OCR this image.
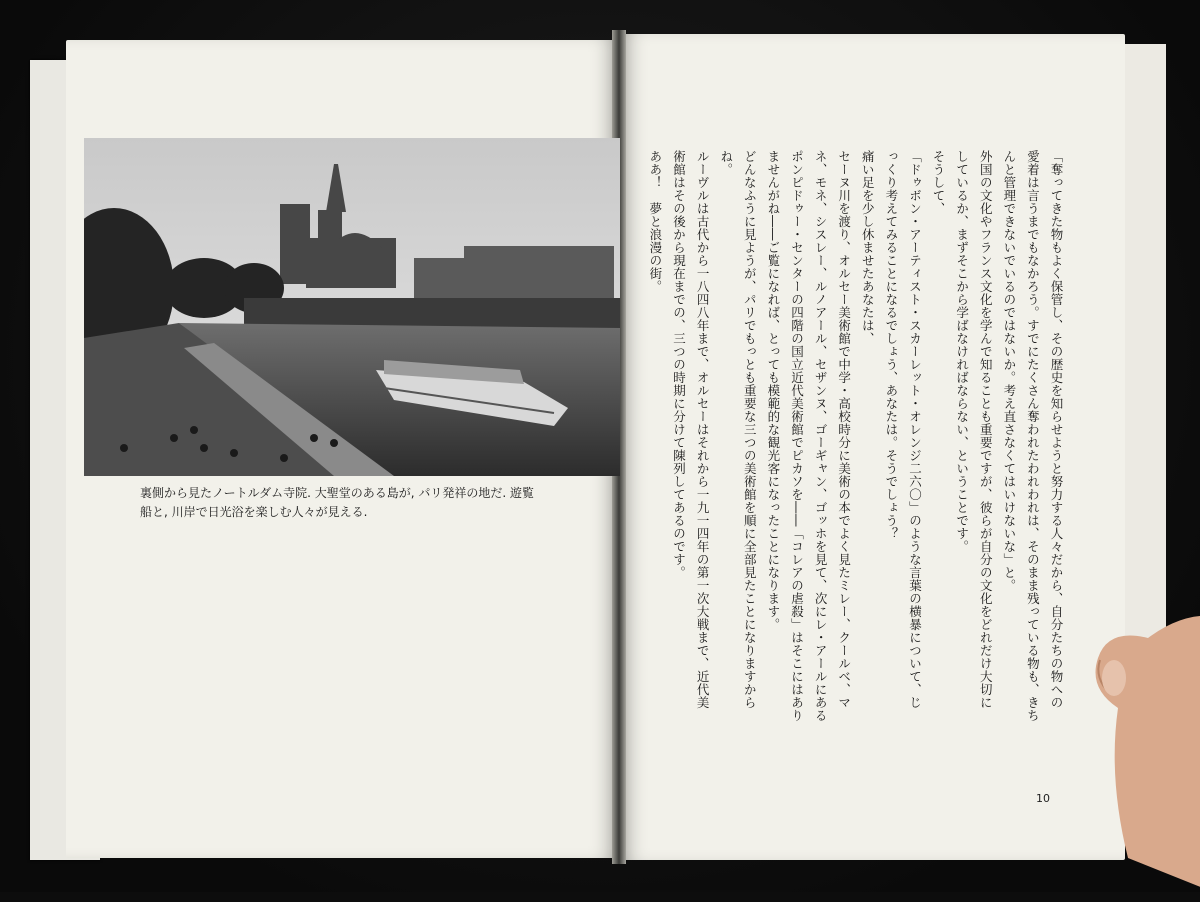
裏側から見たノートルダム寺院. 大聖堂のある島が, パリ発祥の地だ. 遊覧
船と, 川岸で日光浴を楽しむ人々が見える.	「奪ってきた物もよく保管し、その歴史を知らせようと努力する人々だから、自分たちの物への

愛着は言うまでもなかろう。すでにたくさん奪われたわれわれは、そのまま残っている物も、きち

んと管理できないでいるのではないか。考え直さなくてはいけないな」と。

外国の文化やフランス文化を学んで知ることも重要ですが、彼らが自分の文化をどれだけ大切に

しているか、まずそこから学ばなければならない、ということです。

そうして、

「ドゥボン・アーティスト・スカーレット・オレンジ二六〇」のような言葉の横暴について、じ

っくり考えてみることになるでしょう、あなたは。そうでしょう？

痛い足を少し休ませたあなたは、

セーヌ川を渡り、オルセー美術館で中学・高校時分に美術の本でよく見たミレー、クールベ、マ

ネ、モネ、シスレー、ルノアール、セザンヌ、ゴーギャン、ゴッホを見て、次にレ・アールにある

ポンピドゥー・センターの四階の国立近代美術館でピカソを――「コレアの虐殺」はそこにはあり

ませんがね――ご覧になれば、とっても模範的な観光客になったことになります。

どんなふうに見ようが、パリでもっとも重要な三つの美術館を順に全部見たことになりますから

ね。

ルーヴルは古代から一八四八年まで、オルセーはそれから一九一四年の第一次大戦まで、近代美

術館はその後から現在までの、三つの時期に分けて陳列してあるのです。

ああ！　夢と浪漫の街。

10
